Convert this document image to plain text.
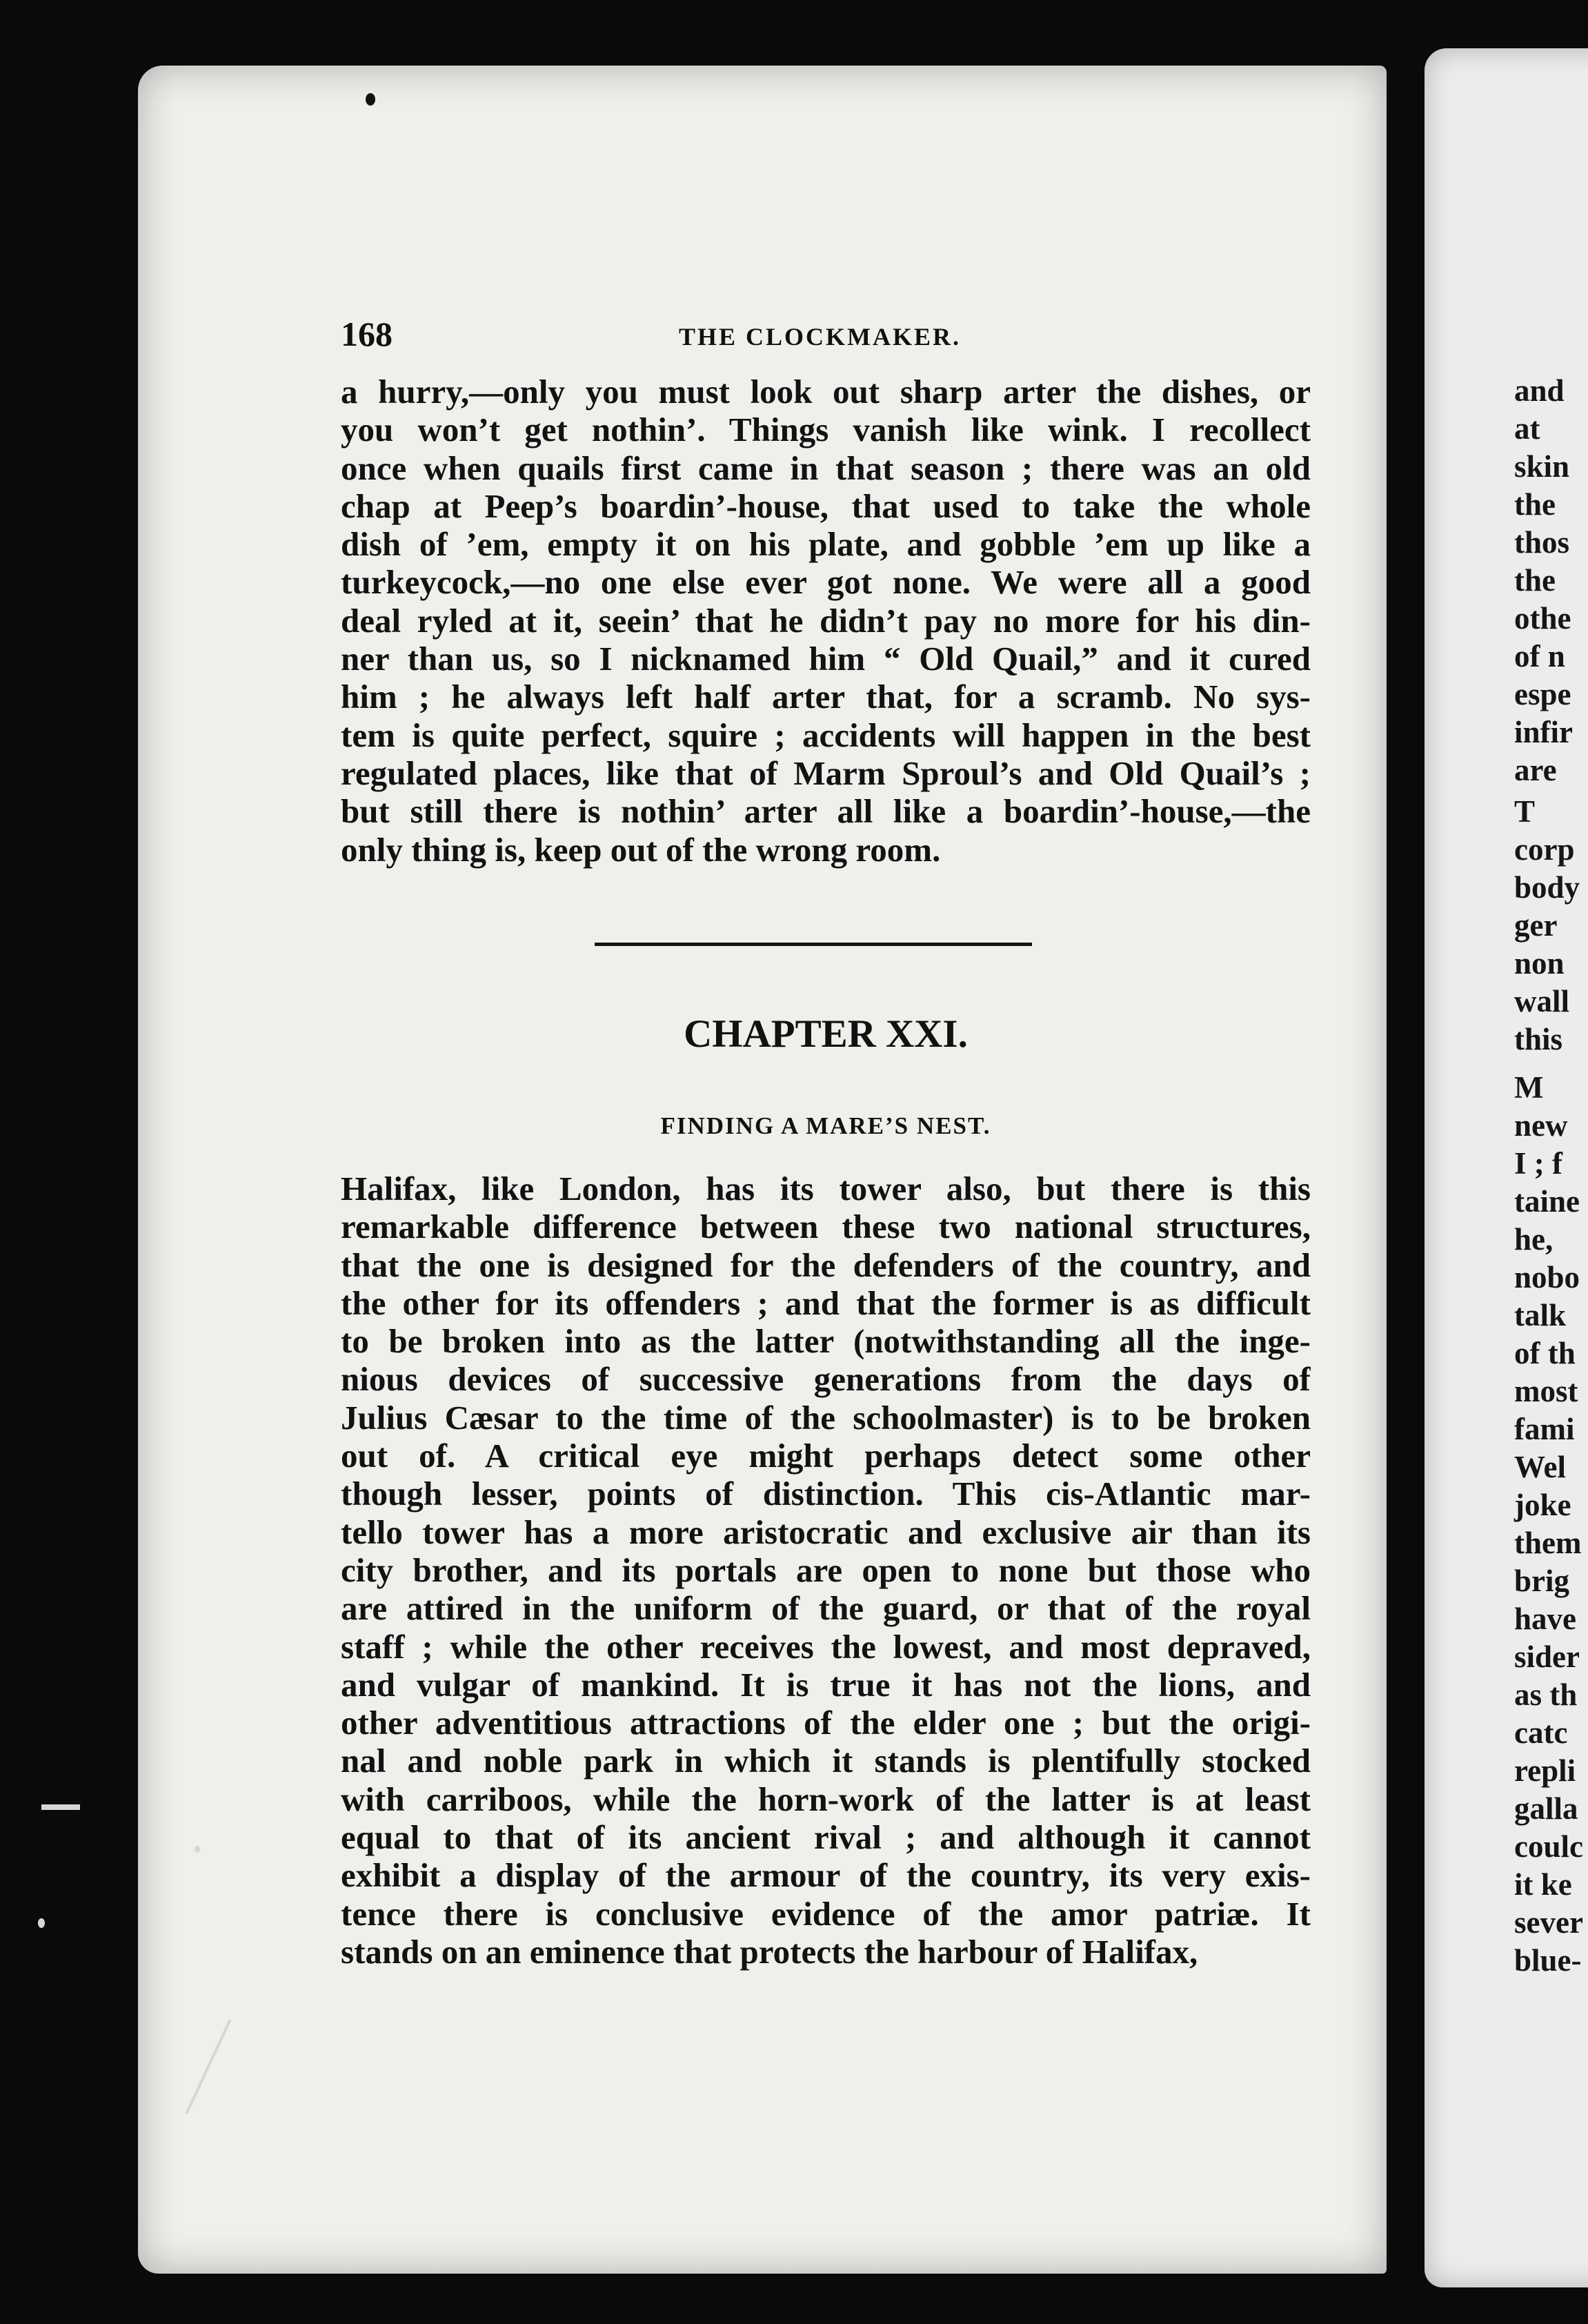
and
at
skin
the
thos
the
othe
of n
espe
infir
are
T
corp
body
ger
non
wall
this
M
new
I ; f
taine
he,
nobo
talk
of th
most
fami
Wel
joke
them
brig
have
sider
as th
catc
repli
galla
coulc
it ke
sever
blue-
168	THE CLOCKMAKER.
a hurry,—only you must look out sharp arter the dishes, or
you won’t get nothin’. Things vanish like wink. I recollect
once when quails first came in that season ; there was an old
chap at Peep’s boardin’-house, that used to take the whole
dish of ’em, empty it on his plate, and gobble ’em up like a
turkeycock,—no one else ever got none. We were all a good
deal ryled at it, seein’ that he didn’t pay no more for his din-
ner than us, so I nicknamed him “ Old Quail,” and it cured
him ; he always left half arter that, for a scramb. No sys-
tem is quite perfect, squire ; accidents will happen in the best
regulated places, like that of Marm Sproul’s and Old Quail’s ;
but still there is nothin’ arter all like a boardin’-house,—the
only thing is, keep out of the wrong room.
CHAPTER XXI.
FINDING A MARE’S NEST.
Halifax, like London, has its tower also, but there is this
remarkable difference between these two national structures,
that the one is designed for the defenders of the country, and
the other for its offenders ; and that the former is as difficult
to be broken into as the latter (notwithstanding all the inge-
nious devices of successive generations from the days of
Julius Cæsar to the time of the schoolmaster) is to be broken
out of. A critical eye might perhaps detect some other
though lesser, points of distinction. This cis-Atlantic mar-
tello tower has a more aristocratic and exclusive air than its
city brother, and its portals are open to none but those who
are attired in the uniform of the guard, or that of the royal
staff ; while the other receives the lowest, and most depraved,
and vulgar of mankind. It is true it has not the lions, and
other adventitious attractions of the elder one ; but the origi-
nal and noble park in which it stands is plentifully stocked
with carriboos, while the horn-work of the latter is at least
equal to that of its ancient rival ; and although it cannot
exhibit a display of the armour of the country, its very exis-
tence there is conclusive evidence of the amor patriæ. It
stands on an eminence that protects the harbour of Halifax,
